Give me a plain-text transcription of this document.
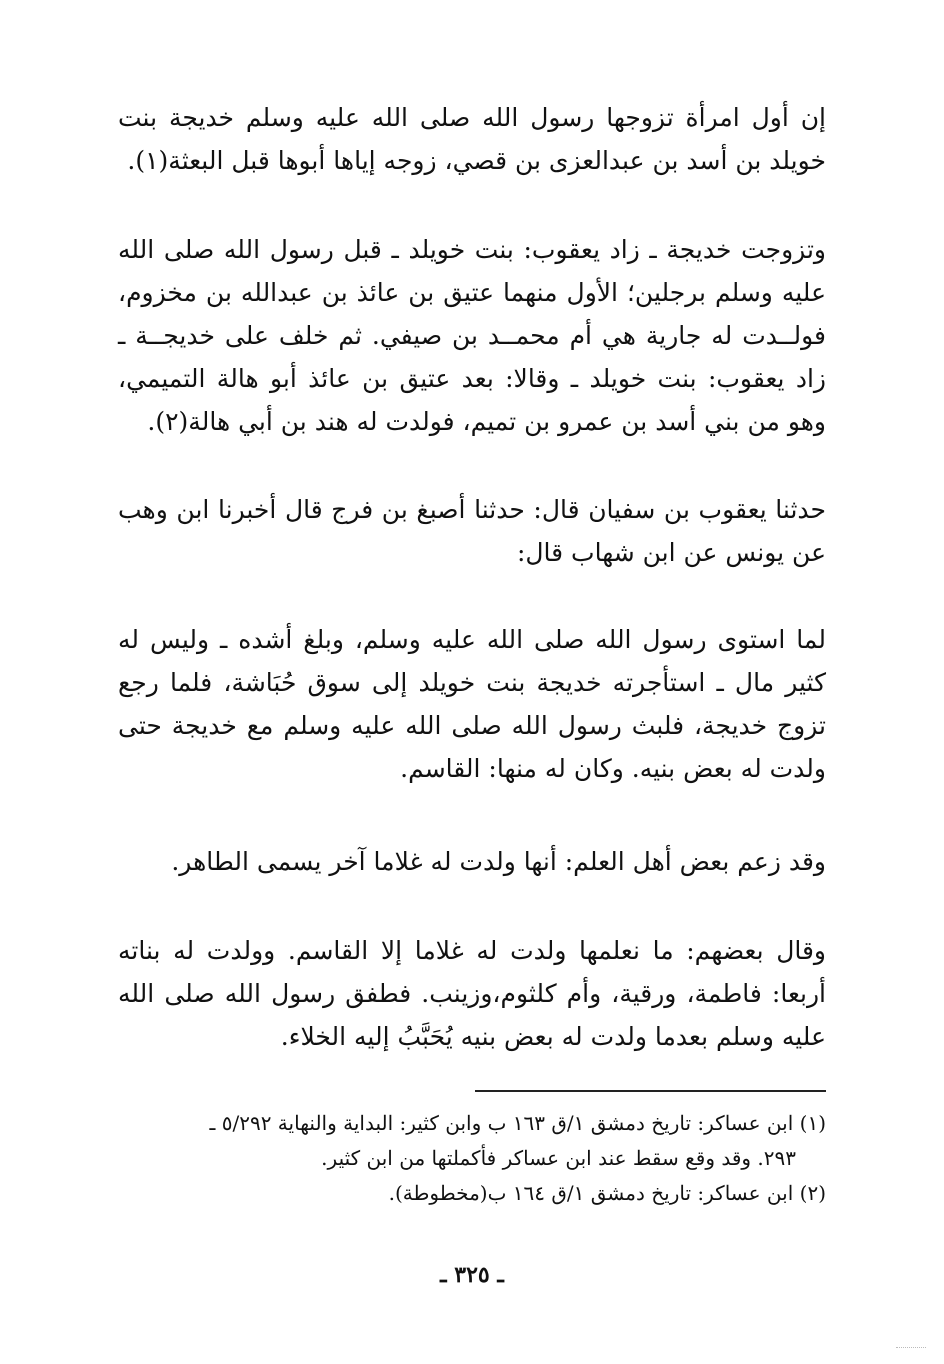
إن أول امرأة تزوجها رسول الله صلى الله عليه وسلم خديجة بنت خويلد بن أسد بن عبدالعزى بن قصي، زوجه إياها أبوها قبل البعثة(١).

وتزوجت خديجة ـ زاد يعقوب: بنت خويلد ـ قبل رسول الله صلى الله عليه وسلم برجلين؛ الأول منهما عتيق بن عائذ بن عبدالله بن مخزوم، فولــدت له جارية هي أم محمــد بن صيفي. ثم خلف على خديجــة ـ زاد يعقوب: بنت خويلد ـ وقالا: بعد عتيق بن عائذ أبو هالة التميمي، وهو من بني أسد بن عمرو بن تميم، فولدت له هند بن أبي هالة(٢).

حدثنا يعقوب بن سفيان قال: حدثنا أصبغ بن فرج قال أخبرنا ابن وهب عن يونس عن ابن شهاب قال:

لما استوى رسول الله صلى الله عليه وسلم، وبلغ أشده ـ وليس له كثير مال ـ استأجرته خديجة بنت خويلد إلى سوق حُبَاشة، فلما رجع تزوج خديجة، فلبث رسول الله صلى الله عليه وسلم مع خديجة حتى ولدت له بعض بنيه. وكان له منها: القاسم.

وقد زعم بعض أهل العلم: أنها ولدت له غلاما آخر يسمى الطاهر.

وقال بعضهم: ما نعلمها ولدت له غلاما إلا القاسم. وولدت له بناته أربعا: فاطمة، ورقية، وأم كلثوم،وزينب. فطفق رسول الله صلى الله عليه وسلم بعدما ولدت له بعض بنيه يُحَبَّبُ إليه الخلاء.

(١) ابن عساكر: تاريخ دمشق ١/ق ١٦٣ ب وابن كثير: البداية والنهاية ٥/٢٩٢ ـ
٢٩٣. وقد وقع سقط عند ابن عساكر فأكملتها من ابن كثير.
(٢) ابن عساكر: تاريخ دمشق ١/ق ١٦٤ ب(مخطوطة).
ـ ٣٢٥ ـ
